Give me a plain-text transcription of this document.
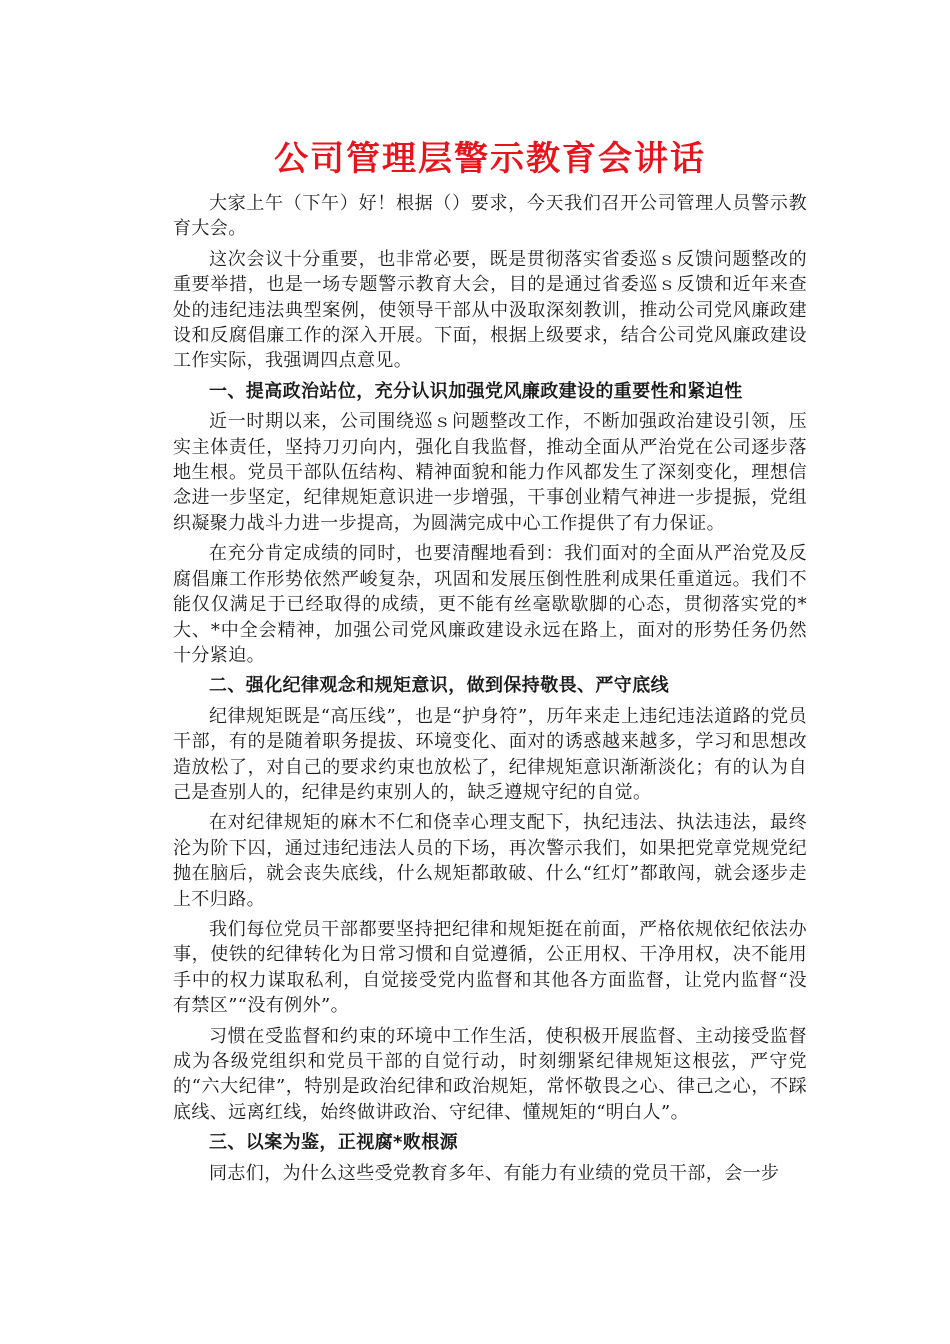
公司管理层警示教育会讲话

大家上午（下午）好！根据（）要求，今天我们召开公司管理人员警示教育大会。

这次会议十分重要，也非常必要，既是贯彻落实省委巡ｓ反馈问题整改的重要举措，也是一场专题警示教育大会，目的是通过省委巡ｓ反馈和近年来查处的违纪违法典型案例，使领导干部从中汲取深刻教训，推动公司党风廉政建设和反腐倡廉工作的深入开展。下面，根据上级要求，结合公司党风廉政建设工作实际，我强调四点意见。

一、提高政治站位，充分认识加强党风廉政建设的重要性和紧迫性

近一时期以来，公司围绕巡ｓ问题整改工作，不断加强政治建设引领，压实主体责任，坚持刀刃向内，强化自我监督，推动全面从严治党在公司逐步落地生根。党员干部队伍结构、精神面貌和能力作风都发生了深刻变化，理想信念进一步坚定，纪律规矩意识进一步增强，干事创业精气神进一步提振，党组织凝聚力战斗力进一步提高，为圆满完成中心工作提供了有力保证。

在充分肯定成绩的同时，也要清醒地看到：我们面对的全面从严治党及反腐倡廉工作形势依然严峻复杂，巩固和发展压倒性胜利成果任重道远。我们不能仅仅满足于已经取得的成绩，更不能有丝毫歇歇脚的心态，贯彻落实党的*大、*中全会精神，加强公司党风廉政建设永远在路上，面对的形势任务仍然十分紧迫。

二、强化纪律观念和规矩意识，做到保持敬畏、严守底线

纪律规矩既是“高压线”，也是“护身符”，历年来走上违纪违法道路的党员干部，有的是随着职务提拔、环境变化、面对的诱惑越来越多，学习和思想改造放松了，对自己的要求约束也放松了，纪律规矩意识渐渐淡化；有的认为自己是查别人的，纪律是约束别人的，缺乏遵规守纪的自觉。

在对纪律规矩的麻木不仁和侥幸心理支配下，执纪违法、执法违法，最终沦为阶下囚，通过违纪违法人员的下场，再次警示我们，如果把党章党规党纪抛在脑后，就会丧失底线，什么规矩都敢破、什么“红灯”都敢闯，就会逐步走上不归路。

我们每位党员干部都要坚持把纪律和规矩挺在前面，严格依规依纪依法办事，使铁的纪律转化为日常习惯和自觉遵循，公正用权、干净用权，决不能用手中的权力谋取私利，自觉接受党内监督和其他各方面监督，让党内监督“没有禁区”“没有例外”。

习惯在受监督和约束的环境中工作生活，使积极开展监督、主动接受监督成为各级党组织和党员干部的自觉行动，时刻绷紧纪律规矩这根弦，严守党的“六大纪律”，特别是政治纪律和政治规矩，常怀敬畏之心、律己之心，不踩底线、远离红线，始终做讲政治、守纪律、懂规矩的“明白人”。

三、以案为鉴，正视腐*败根源

同志们，为什么这些受党教育多年、有能力有业绩的党员干部，会一步
